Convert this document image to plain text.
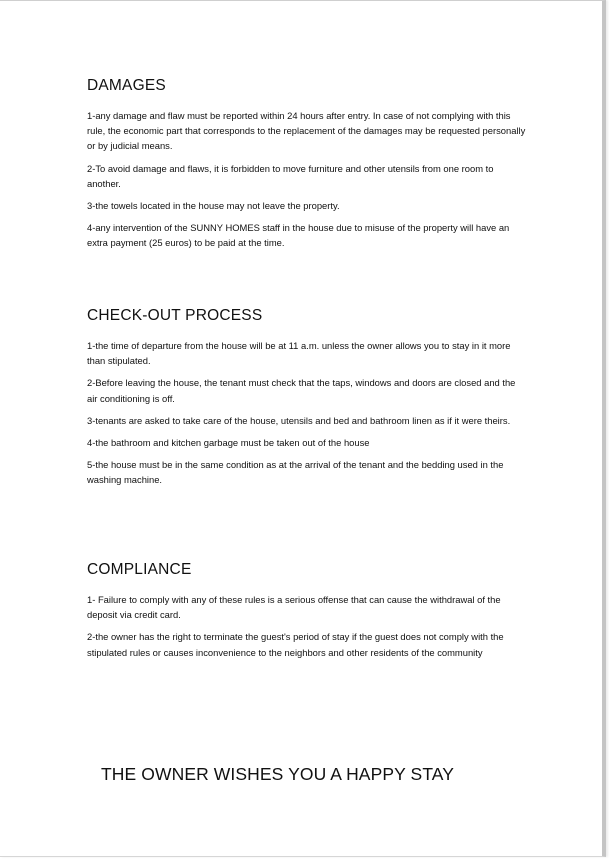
DAMAGES

1-any damage and flaw must be reported within 24 hours after entry. In case of not complying with this rule, the economic part that corresponds to the replacement of the damages may be requested personally or by judicial means.

2-To avoid damage and flaws, it is forbidden to move furniture and other utensils from one room to another.

3-the towels located in the house may not leave the property.

4-any intervention of the SUNNY HOMES staff in the house due to misuse of the property will have an extra payment (25 euros) to be paid at the time.

CHECK-OUT PROCESS

1-the time of departure from the house will be at 11 a.m. unless the owner allows you to stay in it more than stipulated.

2-Before leaving the house, the tenant must check that the taps, windows and doors are closed and the air conditioning is off.

3-tenants are asked to take care of the house, utensils and bed and bathroom linen as if it were theirs.

4-the bathroom and kitchen garbage must be taken out of the house

5-the house must be in the same condition as at the arrival of the tenant and the bedding used in the washing machine.

COMPLIANCE

1- Failure to comply with any of these rules is a serious offense that can cause the withdrawal of the deposit via credit card.

2-the owner has the right to terminate the guest's period of stay if the guest does not comply with the stipulated rules or causes inconvenience to the neighbors and other residents of the community

THE OWNER WISHES YOU A HAPPY STAY
